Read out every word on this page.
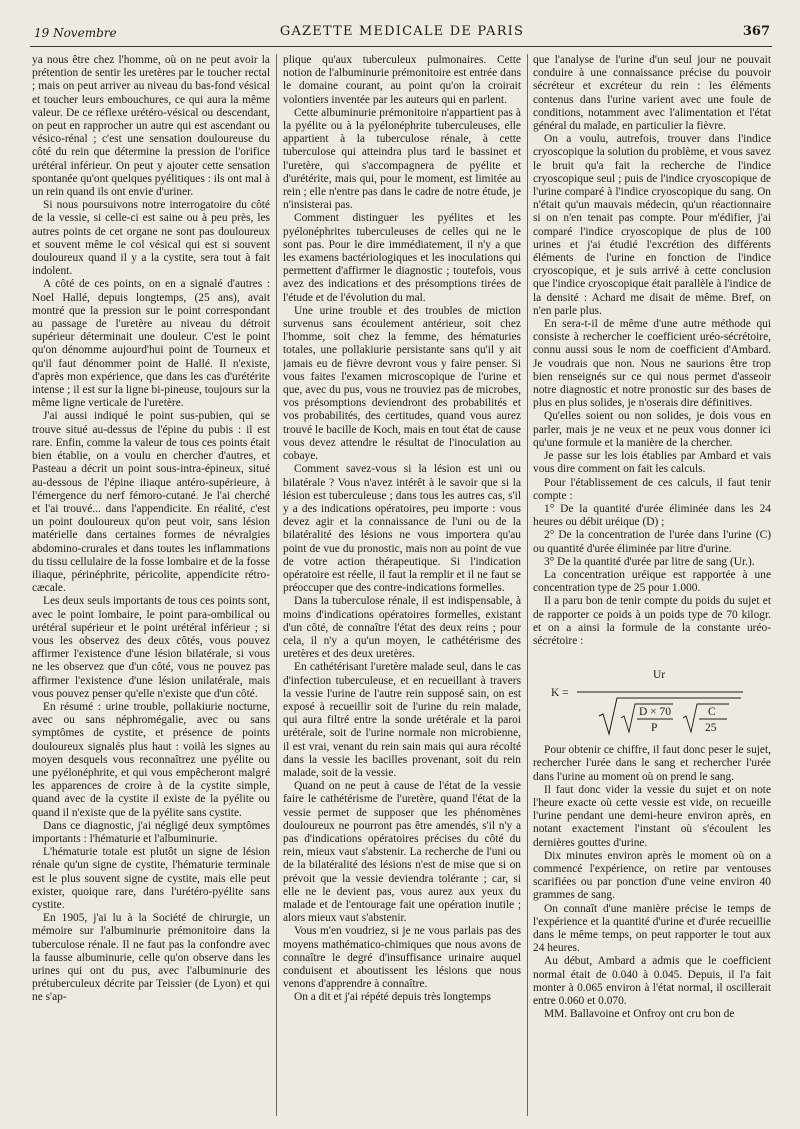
19 Novembre	GAZETTE MEDICALE DE PARIS	367

ya nous être chez l'homme, où on ne peut avoir la prétention de sentir les uretères par le toucher rectal ; mais on peut arriver au niveau du bas-fond vésical et toucher leurs embouchures, ce qui aura la même valeur. De ce réflexe urétéro-vésical ou descendant, on peut en rapprocher un autre qui est ascendant ou vésico-rénal ; c'est une sensation douloureuse du côté du rein que détermine la pression de l'orifice urétéral inférieur. On peut y ajouter cette sensation spontanée qu'ont quelques pyélitiques : ils ont mal à un rein quand ils ont envie d'uriner.

Si nous poursuivons notre interrogatoire du côté de la vessie, si celle-ci est saine ou à peu près, les autres points de cet organe ne sont pas douloureux et souvent même le col vésical qui est si souvent douloureux quand il y a la cystite, sera tout à fait indolent.

A côté de ces points, on en a signalé d'autres : Noel Hallé, depuis longtemps, (25 ans), avait montré que la pression sur le point correspondant au passage de l'uretère au niveau du détroit supérieur déterminait une douleur. C'est le point qu'on dénomme aujourd'hui point de Tourneux et qu'il faut dénommer point de Hallé. Il n'existe, d'après mon expérience, que dans les cas d'urétérite intense ; il est sur la ligne bi-pineuse, toujours sur la même ligne verticale de l'uretère.

J'ai aussi indiqué le point sus-pubien, qui se trouve situé au-dessus de l'épine du pubis : il est rare. Enfin, comme la valeur de tous ces points était bien établie, on a voulu en chercher d'autres, et Pasteau a décrit un point sous-intra-épineux, situé au-dessous de l'épine iliaque antéro-supérieure, à l'émergence du nerf fémoro-cutané. Je l'ai cherché et l'ai trouvé... dans l'appendicite. En réalité, c'est un point douloureux qu'on peut voir, sans lésion matérielle dans certaines formes de névralgies abdomino-crurales et dans toutes les inflammations du tissu cellulaire de la fosse lombaire et de la fosse iliaque, périnéphrite, péricolite, appendicite rétro-cæcale.

Les deux seuls importants de tous ces points sont, avec le point lombaire, le point para-ombilical ou urétéral supérieur et le point urétéral inférieur ; si vous les observez des deux côtés, vous pouvez affirmer l'existence d'une lésion bilatérale, si vous ne les observez que d'un côté, vous ne pouvez pas affirmer l'existence d'une lésion unilatérale, mais vous pouvez penser qu'elle n'existe que d'un côté.

En résumé : urine trouble, pollakiurie nocturne, avec ou sans néphromégalie, avec ou sans symptômes de cystite, et présence de points douloureux signalés plus haut : voilà les signes au moyen desquels vous reconnaîtrez une pyélite ou une pyélonéphrite, et qui vous empêcheront malgré les apparences de croire à de la cystite simple, quand avec de la cystite il existe de la pyélite ou quand il n'existe que de la pyélite sans cystite.

Dans ce diagnostic, j'ai négligé deux symptômes importants : l'hématurie et l'albuminurie.

L'hématurie totale est plutôt un signe de lésion rénale qu'un signe de cystite, l'hématurie terminale est le plus souvent signe de cystite, mais elle peut exister, quoique rare, dans l'urétéro-pyélite sans cystite.

En 1905, j'ai lu à la Société de chirurgie, un mémoire sur l'albuminurie prémonitoire dans la tuberculose rénale. Il ne faut pas la confondre avec la fausse albuminurie, celle qu'on observe dans les urines qui ont du pus, avec l'albuminurie des prétuberculeux décrite par Teissier (de Lyon) et qui ne s'ap-

plique qu'aux tuberculeux pulmonaires. Cette notion de l'albuminurie prémonitoire est entrée dans le domaine courant, au point qu'on la croirait volontiers inventée par les auteurs qui en parlent.

Cette albuminurie prémonitoire n'appartient pas à la pyélite ou à la pyélonéphrite tuberculeuses, elle appartient à la tuberculose rénale, à cette tuberculose qui atteindra plus tard le bassinet et l'uretère, qui s'accompagnera de pyélite et d'urétérite, mais qui, pour le moment, est limitée au rein ; elle n'entre pas dans le cadre de notre étude, je n'insisterai pas.

Comment distinguer les pyélites et les pyélonéphrites tuberculeuses de celles qui ne le sont pas. Pour le dire immédiatement, il n'y a que les examens bactériologiques et les inoculations qui permettent d'affirmer le diagnostic ; toutefois, vous avez des indications et des présomptions tirées de l'étude et de l'évolution du mal.

Une urine trouble et des troubles de miction survenus sans écoulement antérieur, soit chez l'homme, soit chez la femme, des hématuries totales, une pollakiurie persistante sans qu'il y ait jamais eu de fièvre devront vous y faire penser. Si vous faites l'examen microscopique de l'urine et que, avec du pus, vous ne trouviez pas de microbes, vos présomptions deviendront des probabilités et vos probabilités, des certitudes, quand vous aurez trouvé le bacille de Koch, mais en tout état de cause vous devez attendre le résultat de l'inoculation au cobaye.

Comment savez-vous si la lésion est uni ou bilatérale ? Vous n'avez intérêt à le savoir que si la lésion est tuberculeuse ; dans tous les autres cas, s'il y a des indications opératoires, peu importe : vous devez agir et la connaissance de l'uni ou de la bilatéralité des lésions ne vous importera qu'au point de vue du pronostic, mais non au point de vue de votre action thérapeutique. Si l'indication opératoire est réelle, il faut la remplir et il ne faut se préoccuper que des contre-indications formelles.

Dans la tuberculose rénale, il est indispensable, à moins d'indications opératoires formelles, existant d'un côté, de connaître l'état des deux reins ; pour cela, il n'y a qu'un moyen, le cathétérisme des uretères et des deux uretères.

En cathétérisant l'uretère malade seul, dans le cas d'infection tuberculeuse, et en recueillant à travers la vessie l'urine de l'autre rein supposé sain, on est exposé à recueillir soit de l'urine du rein malade, qui aura filtré entre la sonde urétérale et la paroi urétérale, soit de l'urine normale non microbienne, il est vrai, venant du rein sain mais qui aura récolté dans la vessie les bacilles provenant, soit du rein malade, soit de la vessie.

Quand on ne peut à cause de l'état de la vessie faire le cathétérisme de l'uretère, quand l'état de la vessie permet de supposer que les phénomènes douloureux ne pourront pas être amendés, s'il n'y a pas d'indications opératoires précises du côté du rein, mieux vaut s'abstenir. La recherche de l'uni ou de la bilatéralité des lésions n'est de mise que si on prévoit que la vessie deviendra tolérante ; car, si elle ne le devient pas, vous aurez aux yeux du malade et de l'entourage fait une opération inutile ; alors mieux vaut s'abstenir.

Vous m'en voudriez, si je ne vous parlais pas des moyens mathématico-chimiques que nous avons de connaître le degré d'insuffisance urinaire auquel conduisent et aboutissent les lésions que nous venons d'apprendre à connaître.

On a dit et j'ai répété depuis très longtemps

que l'analyse de l'urine d'un seul jour ne pouvait conduire à une connaissance précise du pouvoir sécréteur et excréteur du rein : les éléments contenus dans l'urine varient avec une foule de conditions, notamment avec l'alimentation et l'état général du malade, en particulier la fièvre.

On a voulu, autrefois, trouver dans l'indice cryoscopique la solution du problème, et vous savez le bruit qu'a fait la recherche de l'indice cryoscopique seul ; puis de l'indice cryoscopique de l'urine comparé à l'indice cryoscopique du sang. On n'était qu'un mauvais médecin, qu'un réactionnaire si on n'en tenait pas compte. Pour m'édifier, j'ai comparé l'indice cryoscopique de plus de 100 urines et j'ai étudié l'excrétion des différents éléments de l'urine en fonction de l'indice cryoscopique, et je suis arrivé à cette conclusion que l'indice cryoscopique était parallèle à l'indice de la densité : Achard me disait de même. Bref, on n'en parle plus.

En sera-t-il de même d'une autre méthode qui consiste à rechercher le coefficient uréo-sécrétoire, connu aussi sous le nom de coefficient d'Ambard. Je voudrais que non. Nous ne saurions être trop bien renseignés sur ce qui nous permet d'asseoir notre diagnostic et notre pronostic sur des bases de plus en plus solides, je n'oserais dire définitives.

Qu'elles soient ou non solides, je dois vous en parler, mais je ne veux et ne peux vous donner ici qu'une formule et la manière de la chercher.

Je passe sur les lois établies par Ambard et vais vous dire comment on fait les calculs.

Pour l'établissement de ces calculs, il faut tenir compte :

1° De la quantité d'urée éliminée dans les 24 heures ou débit uréique (D) ;

2° De la concentration de l'urée dans l'urine (C) ou quantité d'urée éliminée par litre d'urine.

3° De la quantité d'urée par litre de sang (Ur.).

La concentration uréique est rapportée à une concentration type de 25 pour 1.000.

Il a paru bon de tenir compte du poids du sujet et de rapporter ce poids à un poids type de 70 kilogr. et on a ainsi la formule de la constante uréo-sécrétoire :

K =
Ur
D × 70
P
C
25

Pour obtenir ce chiffre, il faut donc peser le sujet, rechercher l'urée dans le sang et rechercher l'urée dans l'urine au moment où on prend le sang.

Il faut donc vider la vessie du sujet et on note l'heure exacte où cette vessie est vide, on recueille l'urine pendant une demi-heure environ après, en notant exactement l'instant où s'écoulent les dernières gouttes d'urine.

Dix minutes environ après le moment où on a commencé l'expérience, on retire par ventouses scarifiées ou par ponction d'une veine environ 40 grammes de sang.

On connaît d'une manière précise le temps de l'expérience et la quantité d'urine et d'urée recueillie dans le même temps, on peut rapporter le tout aux 24 heures.

Au début, Ambard a admis que le coefficient normal était de 0.040 à 0.045. Depuis, il l'a fait monter à 0.065 environ à l'état normal, il oscillerait entre 0.060 et 0.070.

MM. Ballavoine et Onfroy ont cru bon de
